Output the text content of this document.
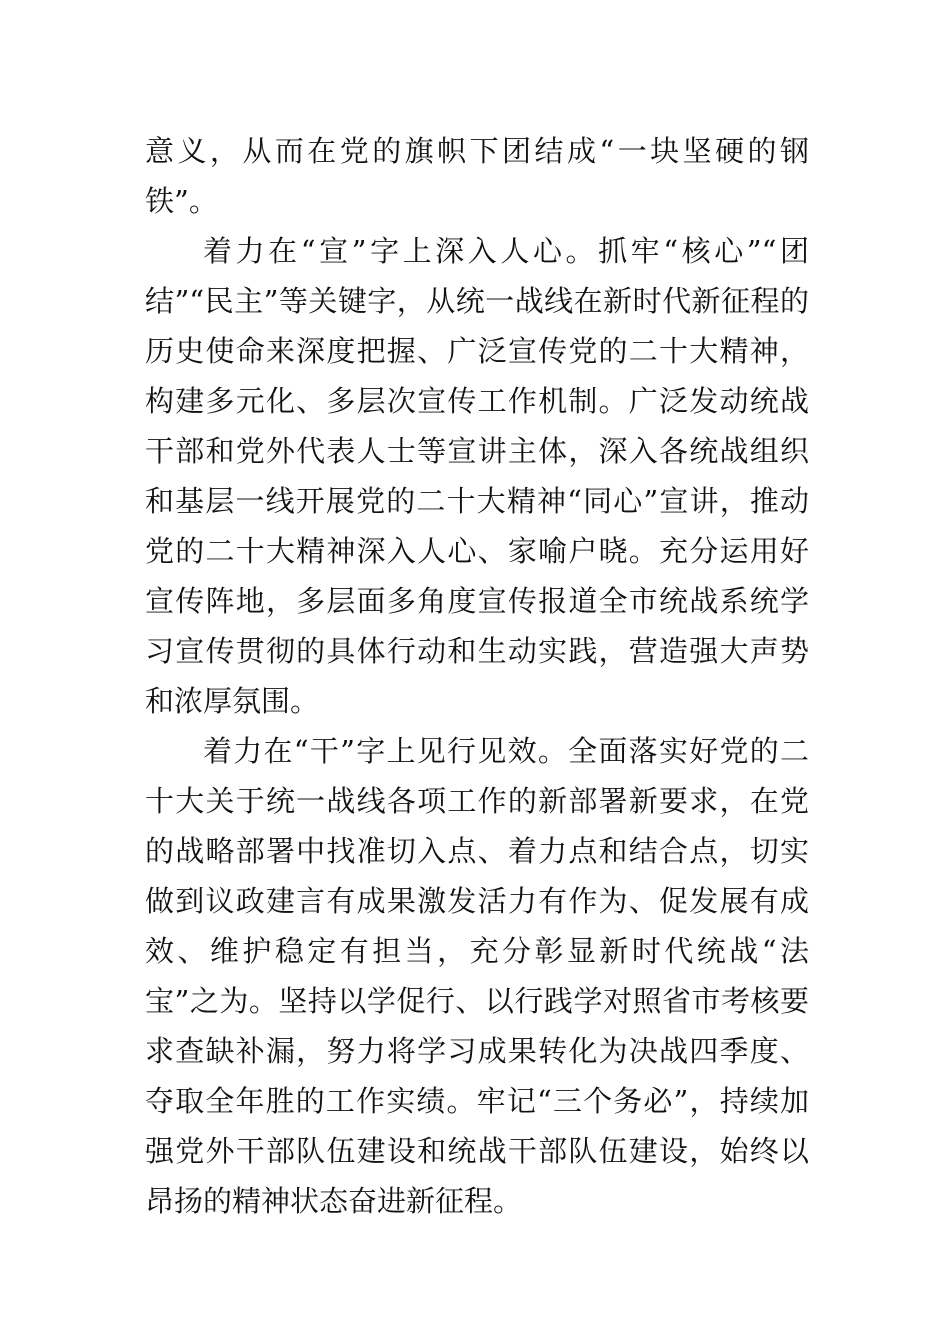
意义，从而在党的旗帜下团结成“一块坚硬的钢铁”。

着力在“宣”字上深入人心。抓牢“核心”“团结”“民主”等关键字，从统一战线在新时代新征程的历史使命来深度把握、广泛宣传党的二十大精神，构建多元化、多层次宣传工作机制。广泛发动统战干部和党外代表人士等宣讲主体，深入各统战组织和基层一线开展党的二十大精神“同心”宣讲，推动党的二十大精神深入人心、家喻户晓。充分运用好宣传阵地，多层面多角度宣传报道全市统战系统学习宣传贯彻的具体行动和生动实践，营造强大声势和浓厚氛围。

着力在“干”字上见行见效。全面落实好党的二十大关于统一战线各项工作的新部署新要求，在党的战略部署中找准切入点、着力点和结合点，切实做到议政建言有成果激发活力有作为、促发展有成效、维护稳定有担当，充分彰显新时代统战“法宝”之为。坚持以学促行、以行践学对照省市考核要求查缺补漏，努力将学习成果转化为决战四季度、夺取全年胜的工作实绩。牢记“三个务必”，持续加强党外干部队伍建设和统战干部队伍建设，始终以昂扬的精神状态奋进新征程。
